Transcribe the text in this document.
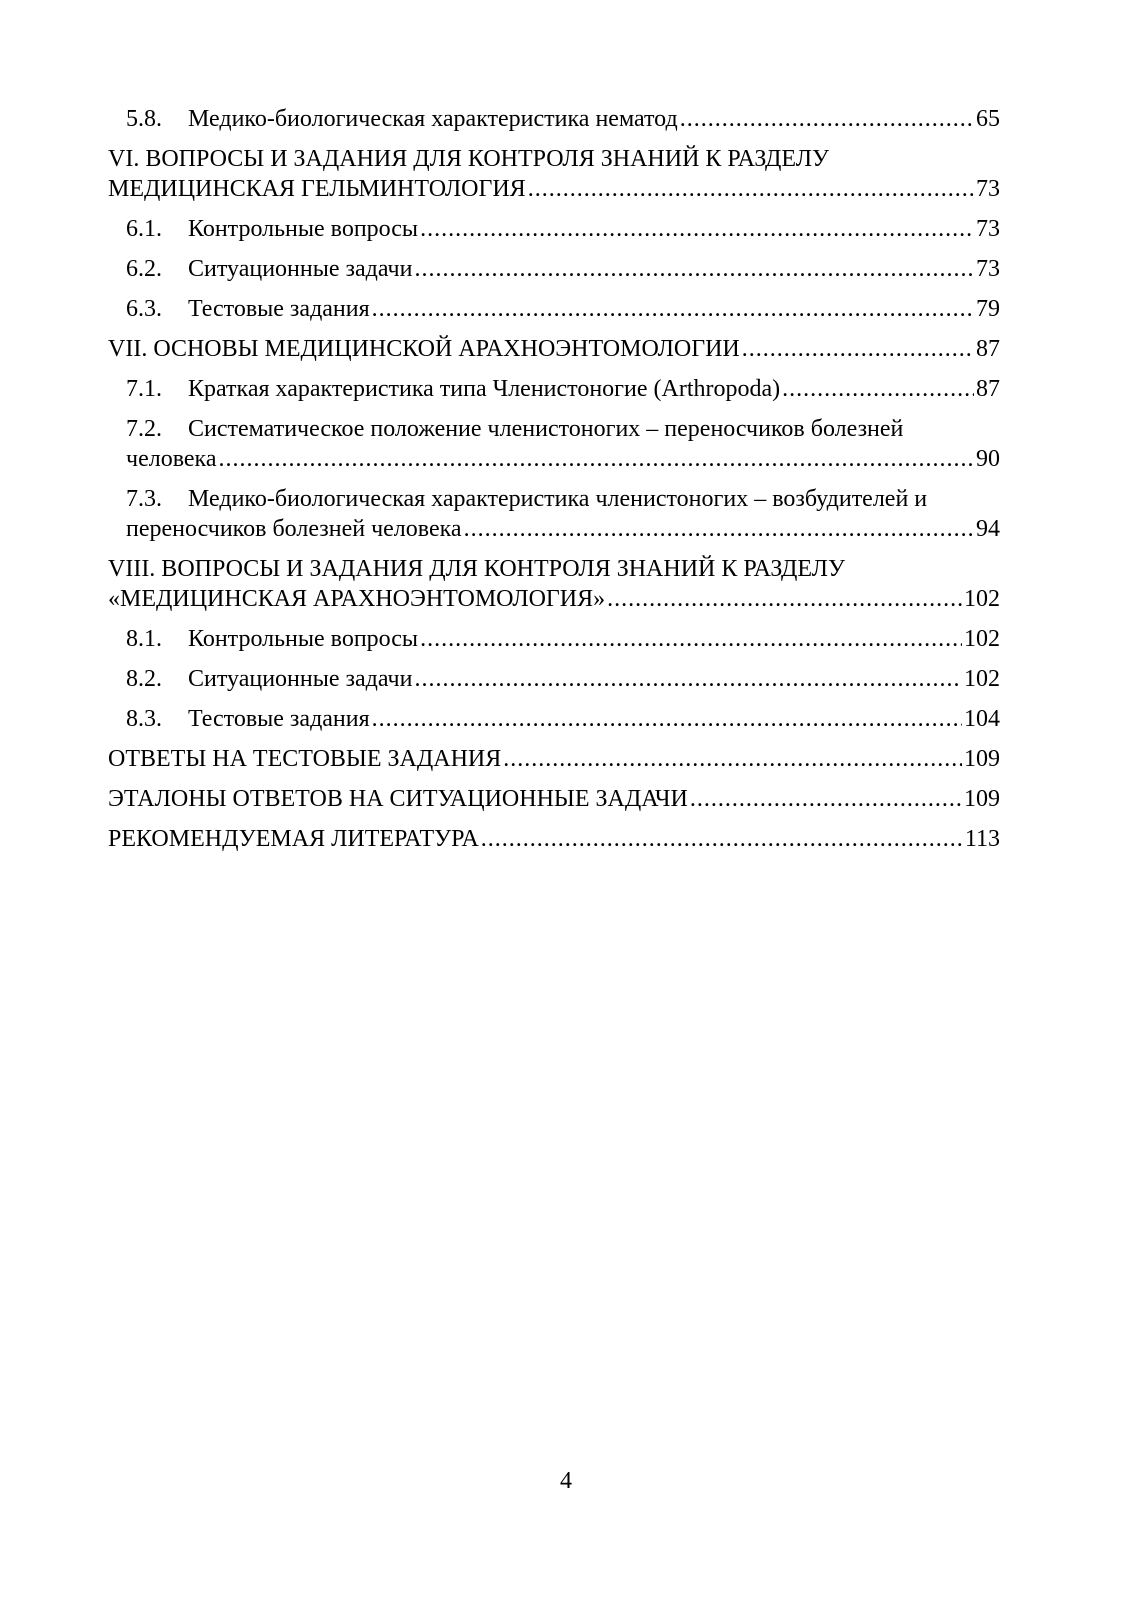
5.8.	Медико-биологическая характеристика нематод .....	65
VI. ВОПРОСЫ И ЗАДАНИЯ ДЛЯ КОНТРОЛЯ ЗНАНИЙ К РАЗДЕЛУ
МЕДИЦИНСКАЯ ГЕЛЬМИНТОЛОГИЯ .....	73
6.1.	Контрольные вопросы .....	73
6.2.	Ситуационные задачи .....	73
6.3.	Тестовые задания .....	79
VII. ОСНОВЫ МЕДИЦИНСКОЙ АРАХНОЭНТОМОЛОГИИ .....	87
7.1.	Краткая характеристика типа Членистоногие (Arthropoda) .....	87
7.2. Систематическое положение членистоногих – переносчиков болезней
человека .....	90
7.3. Медико-биологическая характеристика членистоногих – возбудителей и
переносчиков болезней человека .....	94
VIII. ВОПРОСЫ И ЗАДАНИЯ ДЛЯ КОНТРОЛЯ ЗНАНИЙ К РАЗДЕЛУ
«МЕДИЦИНСКАЯ АРАХНОЭНТОМОЛОГИЯ» .....	102
8.1.	Контрольные вопросы .....	102
8.2.	Ситуационные задачи .....	102
8.3.	Тестовые задания .....	104
ОТВЕТЫ НА ТЕСТОВЫЕ ЗАДАНИЯ .....	109
ЭТАЛОНЫ ОТВЕТОВ НА СИТУАЦИОННЫЕ ЗАДАЧИ .....	109
РЕКОМЕНДУЕМАЯ ЛИТЕРАТУРА .....	113
4
